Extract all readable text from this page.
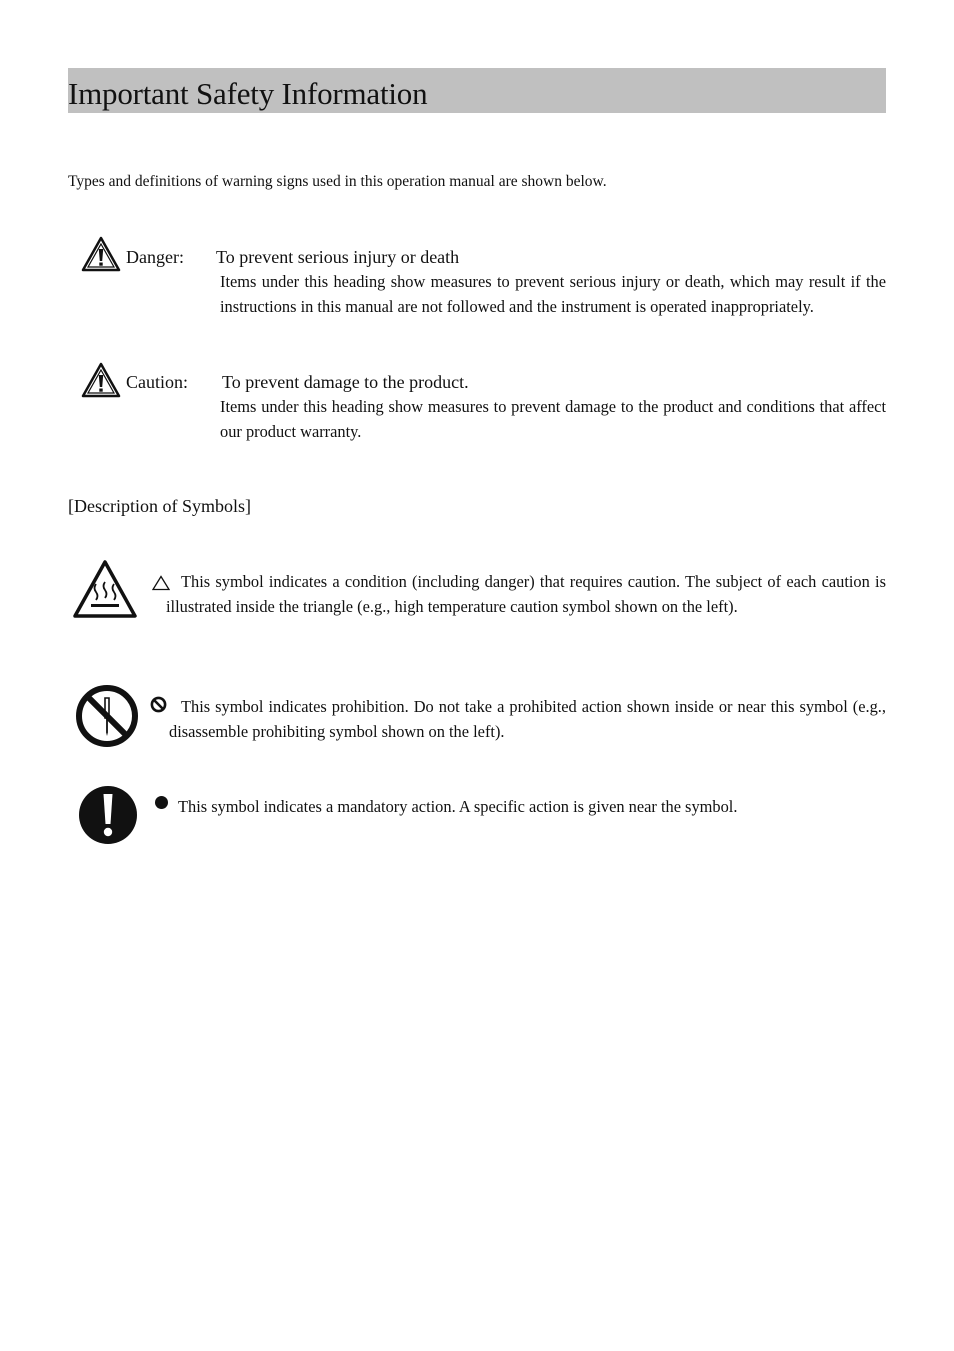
Important Safety Information
Types and definitions of warning signs used in this operation manual are shown below.
Danger: To prevent serious injury or death
Items under this heading show measures to prevent serious injury or death, which may result if the instructions in this manual are not followed and the instrument is operated inappropriately.
Caution: To prevent damage to the product.
Items under this heading show measures to prevent damage to the product and conditions that affect our product warranty.
[Description of Symbols]
This symbol indicates a condition (including danger) that requires caution. The subject of each caution is illustrated inside the triangle (e.g., high temperature caution symbol shown on the left).
This symbol indicates prohibition. Do not take a prohibited action shown inside or near this symbol (e.g., disassemble prohibiting symbol shown on the left).
This symbol indicates a mandatory action. A specific action is given near the symbol.
